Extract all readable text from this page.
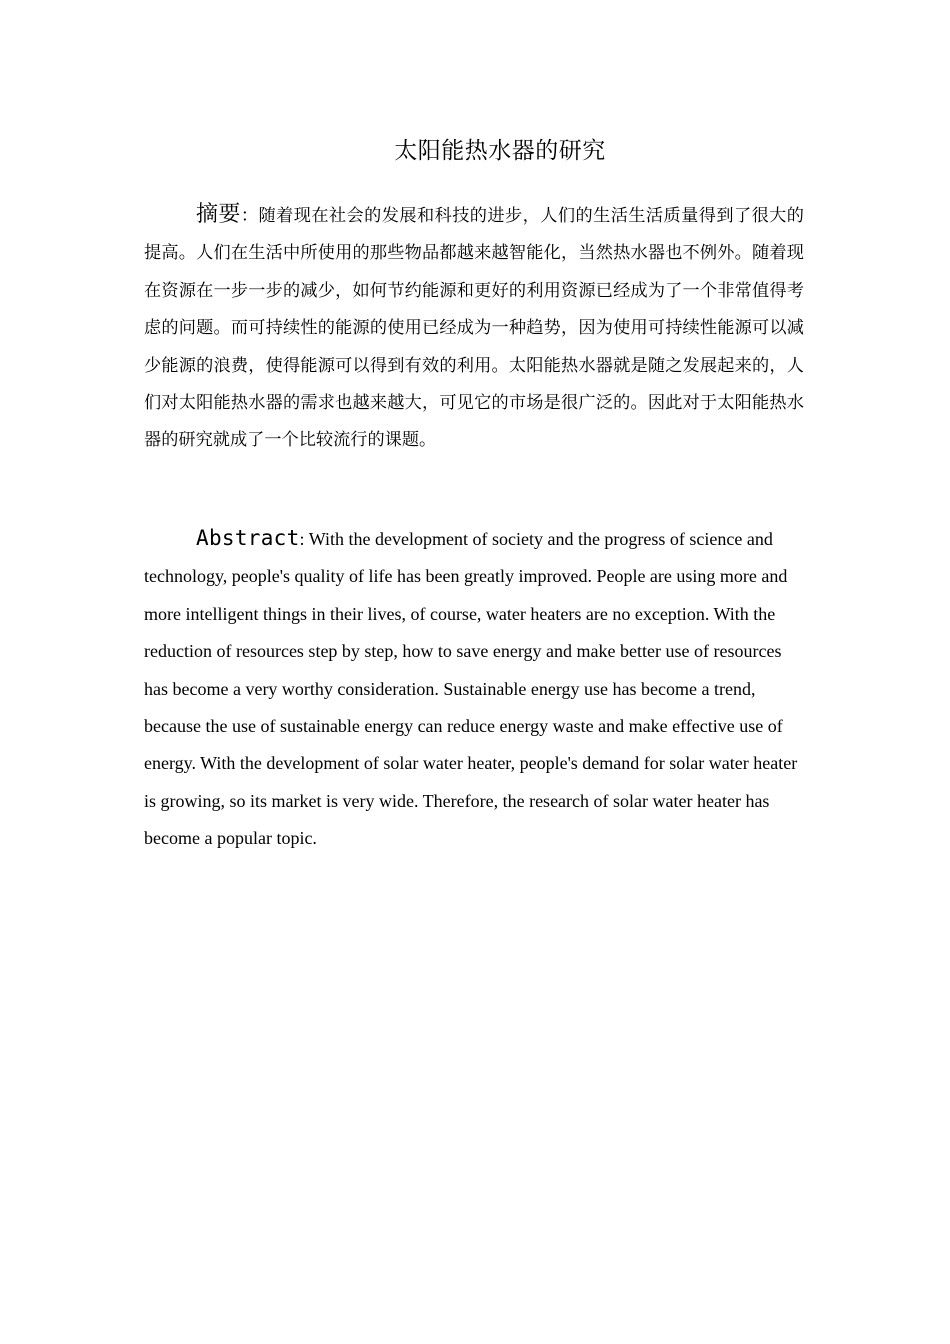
太阳能热水器的研究

摘要：随着现在社会的发展和科技的进步，人们的生活生活质量得到了很大的提高。人们在生活中所使用的那些物品都越来越智能化，当然热水器也不例外。随着现在资源在一步一步的减少，如何节约能源和更好的利用资源已经成为了一个非常值得考虑的问题。而可持续性的能源的使用已经成为一种趋势，因为使用可持续性能源可以减少能源的浪费，使得能源可以得到有效的利用。太阳能热水器就是随之发展起来的，人们对太阳能热水器的需求也越来越大，可见它的市场是很广泛的。因此对于太阳能热水器的研究就成了一个比较流行的课题。

Abstract: With the development of society and the progress of science and technology, people's quality of life has been greatly improved. People are using more and more intelligent things in their lives, of course, water heaters are no exception. With the reduction of resources step by step, how to save energy and make better use of resources has become a very worthy consideration. Sustainable energy use has become a trend, because the use of sustainable energy can reduce energy waste and make effective use of energy. With the development of solar water heater, people's demand for solar water heater is growing, so its market is very wide. Therefore, the research of solar water heater has become a popular topic.
